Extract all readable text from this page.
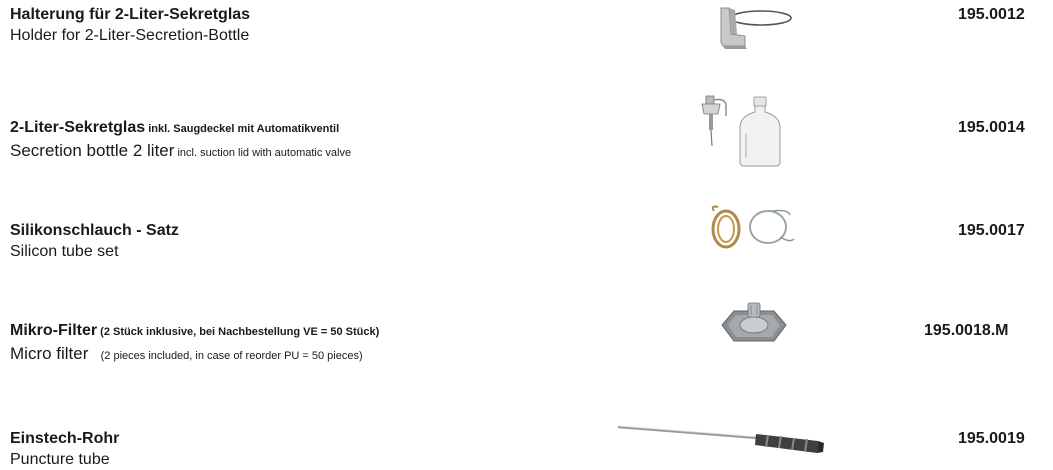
Halterung für 2-Liter-Sekretglas
Holder for 2-Liter-Secretion-Bottle
195.0012
2-Liter-Sekretglas inkl. Saugdeckel mit Automatikventil
Secretion bottle 2 liter incl. suction lid with automatic valve
195.0014
Silikonschlauch - Satz
Silicon tube set
195.0017
Mikro-Filter (2 Stück inklusive, bei Nachbestellung VE = 50 Stück)
Micro filter    (2 pieces included, in case of reorder PU = 50 pieces)
195.0018.M
Einstech-Rohr
Puncture tube
195.0019
